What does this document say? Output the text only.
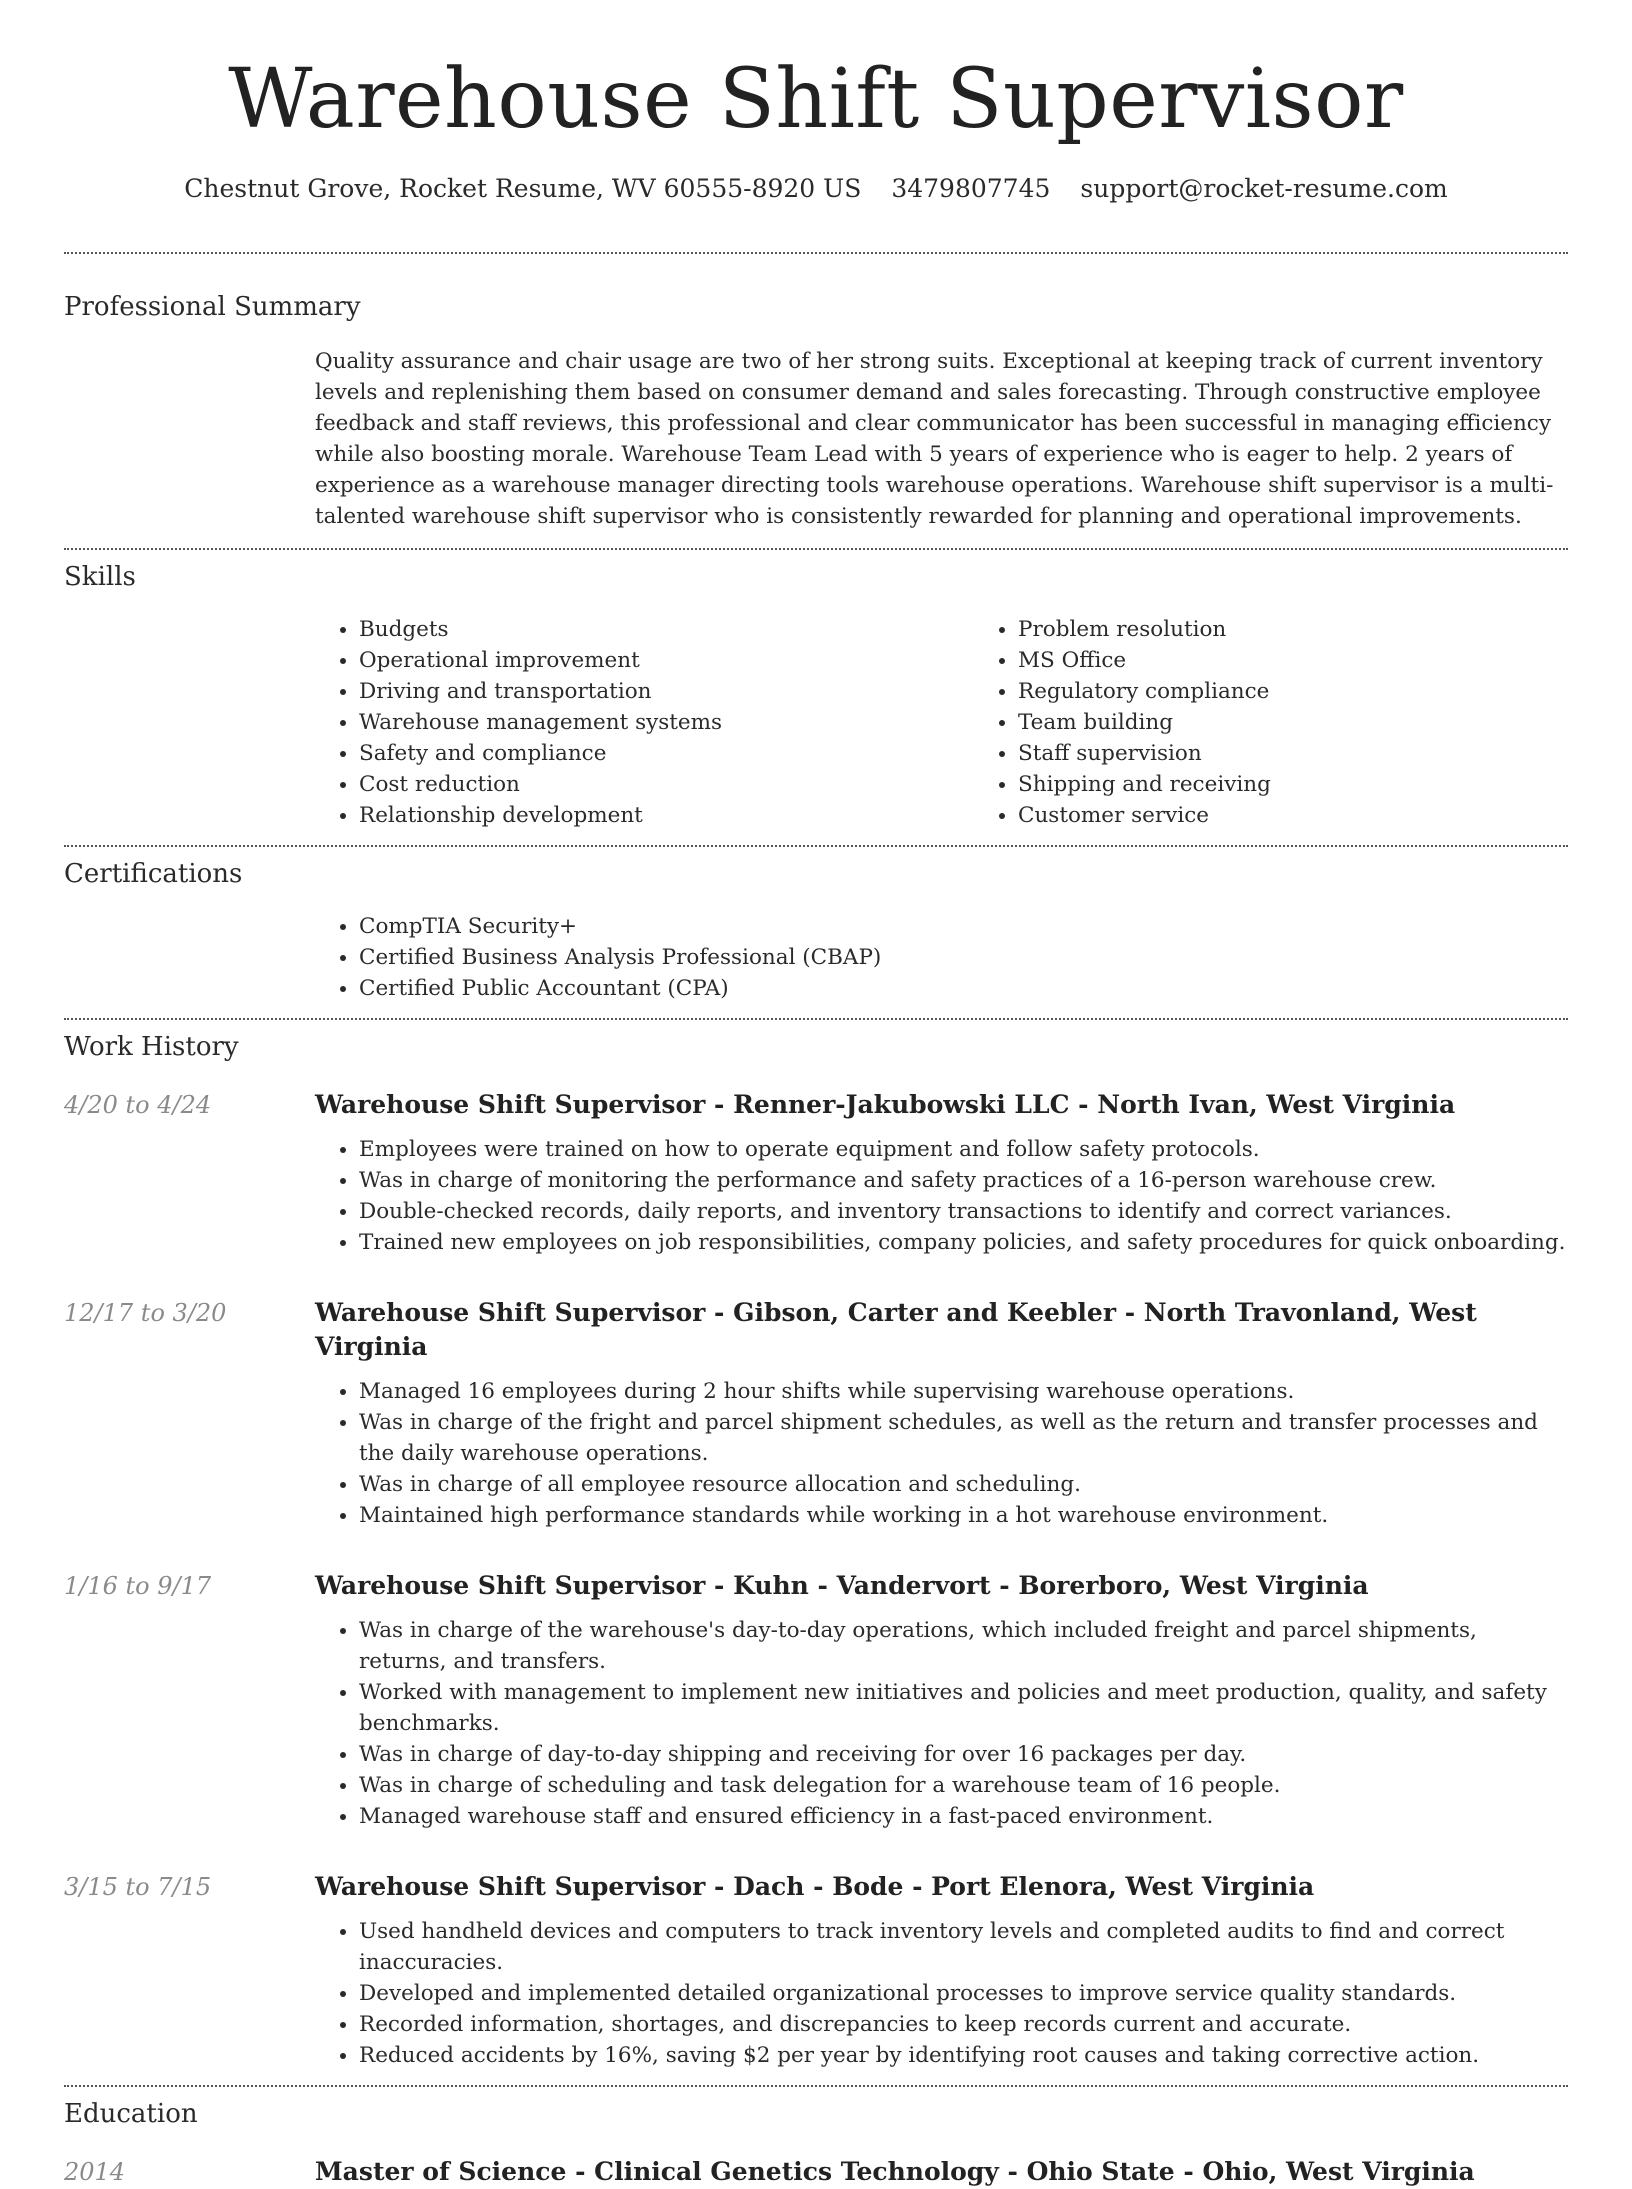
Warehouse Shift Supervisor
Chestnut Grove, Rocket Resume, WV 60555-8920 US 3479807745 support@rocket-resume.com
Professional Summary

Quality assurance and chair usage are two of her strong suits. Exceptional at keeping track of current inventory levels and replenishing them based on consumer demand and sales forecasting. Through constructive employee feedback and staff reviews, this professional and clear communicator has been successful in managing efficiency while also boosting morale. Warehouse Team Lead with 5 years of experience who is eager to help. 2 years of experience as a warehouse manager directing tools warehouse operations. Warehouse shift supervisor is a multi-talented warehouse shift supervisor who is consistently rewarded for planning and operational improvements.

Skills
• Budgets
• Operational improvement
• Driving and transportation
• Warehouse management systems
• Safety and compliance
• Cost reduction
• Relationship development
• Problem resolution
• MS Office
• Regulatory compliance
• Team building
• Staff supervision
• Shipping and receiving
• Customer service
Certifications
• CompTIA Security+
• Certified Business Analysis Professional (CBAP)
• Certified Public Accountant (CPA)
Work History
4/20 to 4/24	Warehouse Shift Supervisor - Renner-Jakubowski LLC - North Ivan, West Virginia
• Employees were trained on how to operate equipment and follow safety protocols.
• Was in charge of monitoring the performance and safety practices of a 16-person warehouse crew.
• Double-checked records, daily reports, and inventory transactions to identify and correct variances.
• Trained new employees on job responsibilities, company policies, and safety procedures for quick onboarding.
12/17 to 3/20	Warehouse Shift Supervisor - Gibson, Carter and Keebler - North Travonland, West Virginia
• Managed 16 employees during 2 hour shifts while supervising warehouse operations.
• Was in charge of the fright and parcel shipment schedules, as well as the return and transfer processes and the daily warehouse operations.
• Was in charge of all employee resource allocation and scheduling.
• Maintained high performance standards while working in a hot warehouse environment.
1/16 to 9/17	Warehouse Shift Supervisor - Kuhn - Vandervort - Borerboro, West Virginia
• Was in charge of the warehouse's day-to-day operations, which included freight and parcel shipments, returns, and transfers.
• Worked with management to implement new initiatives and policies and meet production, quality, and safety benchmarks.
• Was in charge of day-to-day shipping and receiving for over 16 packages per day.
• Was in charge of scheduling and task delegation for a warehouse team of 16 people.
• Managed warehouse staff and ensured efficiency in a fast-paced environment.
3/15 to 7/15	Warehouse Shift Supervisor - Dach - Bode - Port Elenora, West Virginia
• Used handheld devices and computers to track inventory levels and completed audits to find and correct inaccuracies.
• Developed and implemented detailed organizational processes to improve service quality standards.
• Recorded information, shortages, and discrepancies to keep records current and accurate.
• Reduced accidents by 16%, saving $2 per year by identifying root causes and taking corrective action.
Education
2014	Master of Science - Clinical Genetics Technology - Ohio State - Ohio, West Virginia
